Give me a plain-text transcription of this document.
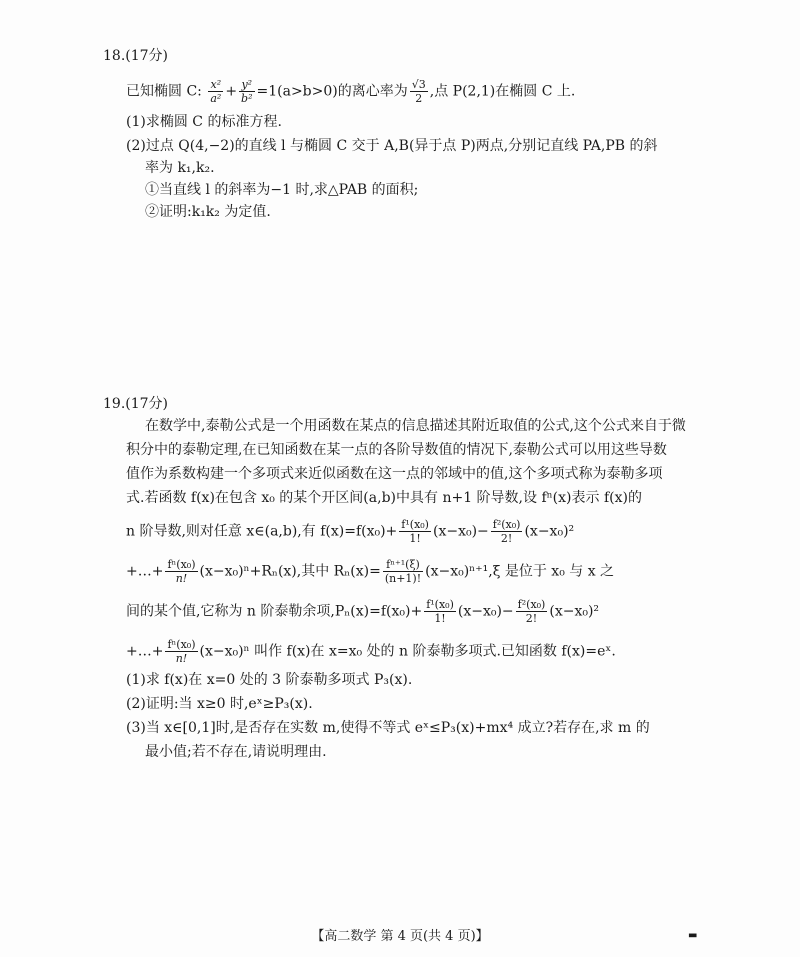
18.(17分)
已知椭圆 C: $\frac{\text{x²}}{\text{a²}} + \frac{\text{y²}}{\text{b²}} =1(a>b>0)$的离心率为 $\frac{√3}{2}$ ,点 P(2,1)在椭圆 C 上.
(1)求椭圆 C 的标准方程.
(2)过点 Q(4,−2)的直线 l 与椭圆 C 交于 A,B(异于点 P)两点,分别记直线 PA,PB 的斜
率为 k₁,k₂.
①当直线 l 的斜率为−1 时,求△PAB 的面积;
②证明:k₁k₂ 为定值.
19.(17分)
在数学中,泰勒公式是一个用函数在某点的信息描述其附近取值的公式,这个公式来自于微
积分中的泰勒定理,在已知函数在某一点的各阶导数值的情况下,泰勒公式可以用这些导数
值作为系数构建一个多项式来近似函数在这一点的邻域中的值,这个多项式称为泰勒多项
式.若函数 f(x)在包含 x₀ 的某个开区间(a,b)中具有 n+1 阶导数,设 fⁿ(x)表示 f(x)的
n 阶导数,则对任意 x∈(a,b),有 $f(x)=f(x_0)+ \frac{\text{f¹(x₀)}}{1!} (x-x_0)- \frac{\text{f²(x₀)}}{2!} (x-x_0)^2$
+…+ $\frac{\text{fⁿ(x₀)}}{n!} (x-x_0)^n+R_n(x)$,其中 $R_n(x)= \frac{\text{fⁿ⁺¹(ξ)}}{(n+1)!} (x-x_0)^{n+1},\xi$ 是位于 x₀ 与 x 之
间的某个值,它称为 n 阶泰勒余项$,P_n(x)=f(x_0)+ \frac{\text{f¹(x₀)}}{1!} (x-x_0)- \frac{\text{f²(x₀)}}{2!} (x-x_0)^2$
+…+ $\frac{\text{fⁿ(x₀)}}{n!} (x-x_0)^n$ 叫作 f(x)在 x=x₀ 处的 n 阶泰勒多项式.已知函数 f(x)=eˣ.
(1)求 f(x)在 x=0 处的 3 阶泰勒多项式 P₃(x).
(2)证明:当 x≥0 时,eˣ≥P₃(x).
(3)当 x∈[0,1]时,是否存在实数 m,使得不等式 eˣ≤P₃(x)+mx⁴ 成立?若存在,求 m 的
最小值;若不存在,请说明理由.
【高二数学 第 4 页(共 4 页)】	▬
